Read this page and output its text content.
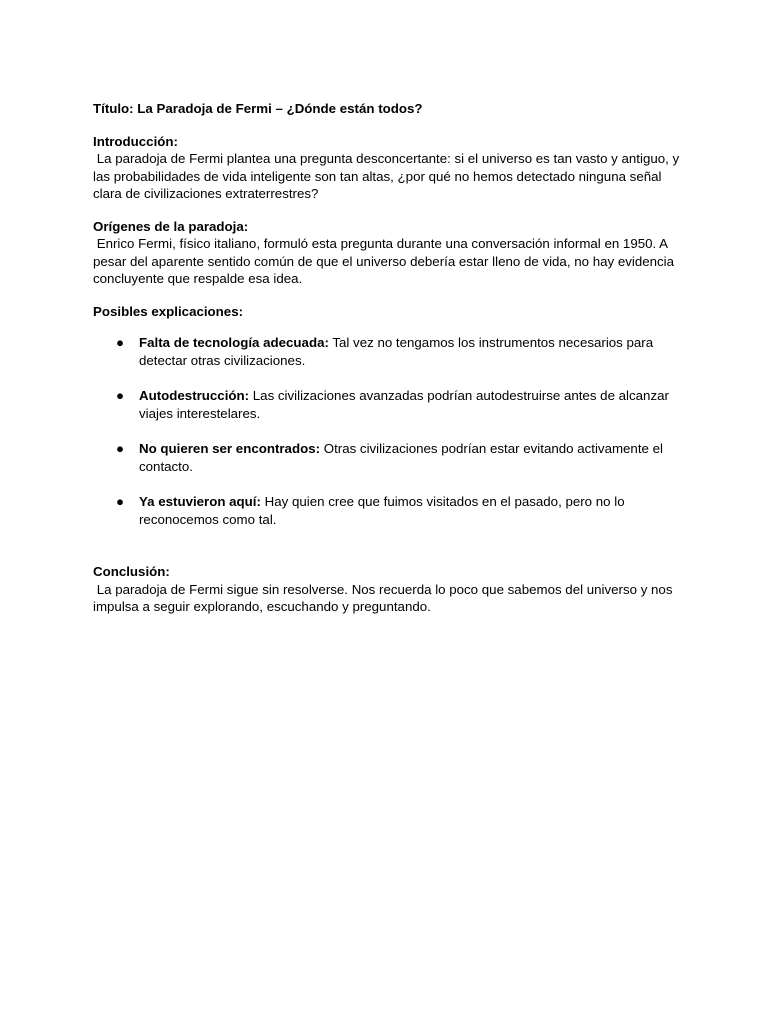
Título: La Paradoja de Fermi – ¿Dónde están todos?

Introducción:

La paradoja de Fermi plantea una pregunta desconcertante: si el universo es tan vasto y antiguo, y las probabilidades de vida inteligente son tan altas, ¿por qué no hemos detectado ninguna señal clara de civilizaciones extraterrestres?

Orígenes de la paradoja:

Enrico Fermi, físico italiano, formuló esta pregunta durante una conversación informal en 1950. A pesar del aparente sentido común de que el universo debería estar lleno de vida, no hay evidencia concluyente que respalde esa idea.

Posibles explicaciones:

● Falta de tecnología adecuada: Tal vez no tengamos los instrumentos necesarios para detectar otras civilizaciones.
● Autodestrucción: Las civilizaciones avanzadas podrían autodestruirse antes de alcanzar viajes interestelares.
● No quieren ser encontrados: Otras civilizaciones podrían estar evitando activamente el contacto.
● Ya estuvieron aquí: Hay quien cree que fuimos visitados en el pasado, pero no lo reconocemos como tal.

Conclusión:

La paradoja de Fermi sigue sin resolverse. Nos recuerda lo poco que sabemos del universo y nos impulsa a seguir explorando, escuchando y preguntando.
